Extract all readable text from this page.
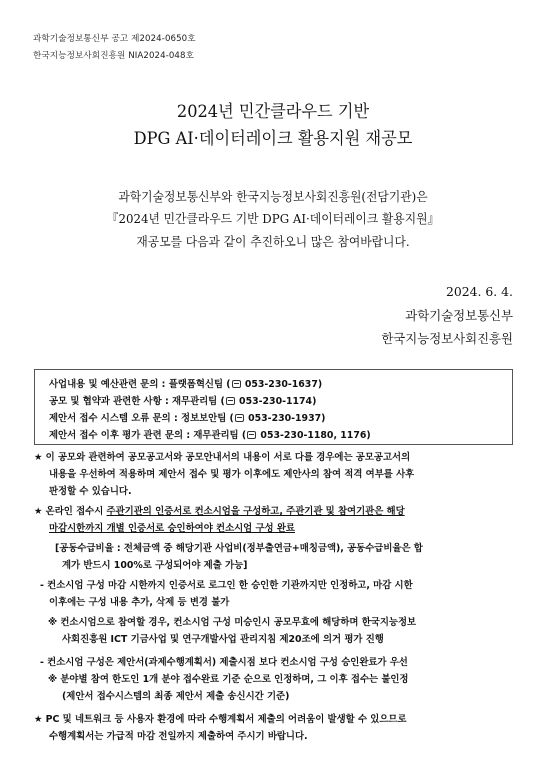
과학기술정보통신부 공고 제2024-0650호
한국지능정보사회진흥원 NIA2024-048호
2024년 민간클라우드 기반
DPG AI·데이터레이크 활용지원 재공모
과학기술정보통신부와 한국지능정보사회진흥원(전담기관)은
『2024년 민간클라우드 기반 DPG AI·데이터레이크 활용지원』
재공모를 다음과 같이 추진하오니 많은 참여바랍니다.
2024. 6. 4.
과학기술정보통신부
한국지능정보사회진흥원
사업내용 및 예산관련 문의 : 플랫폼혁신팀 ( 053-230-1637)
공모 및 협약과 관련한 사항 : 재무관리팀 ( 053-230-1174)
제안서 접수 시스템 오류 문의 : 정보보안팀 ( 053-230-1937)
제안서 접수 이후 평가 관련 문의 : 재무관리팀 ( 053-230-1180, 1176)
★ 이 공모와 관련하여 공모공고서와 공모안내서의 내용이 서로 다를 경우에는 공모공고서의
내용을 우선하여 적용하며 제안서 접수 및 평가 이후에도 제안사의 참여 적격 여부를 사후
판정할 수 있습니다.
★ 온라인 접수시 주관기관의 인증서로 컨소시엄을 구성하고, 주관기관 및 참여기관은 해당
마감시한까지 개별 인증서로 승인하여야 컨소시엄 구성 완료
[공동수급비율 : 전체금액 중 해당기관 사업비(정부출연금+매칭금액), 공동수급비율은 합
계가 반드시 100%로 구성되어야 제출 가능]
- 컨소시엄 구성 마감 시한까지 인증서로 로그인 한 승인한 기관까지만 인정하고, 마감 시한
이후에는 구성 내용 추가, 삭제 등 변경 불가
※ 컨소시엄으로 참여할 경우, 컨소시엄 구성 미승인시 공모무효에 해당하며 한국지능정보
사회진흥원 ICT 기금사업 및 연구개발사업 관리지침 제20조에 의거 평가 진행
- 컨소시엄 구성은 제안서(과제수행계획서) 제출시점 보다 컨소시엄 구성 승인완료가 우선
※ 분야별 참여 한도인 1개 분야 접수완료 기준 순으로 인정하며, 그 이후 접수는 불인정
(제안서 접수시스템의 최종 제안서 제출 송신시간 기준)
★ PC 및 네트워크 등 사용자 환경에 따라 수행계획서 제출의 어려움이 발생할 수 있으므로
수행계획서는 가급적 마감 전일까지 제출하여 주시기 바랍니다.
